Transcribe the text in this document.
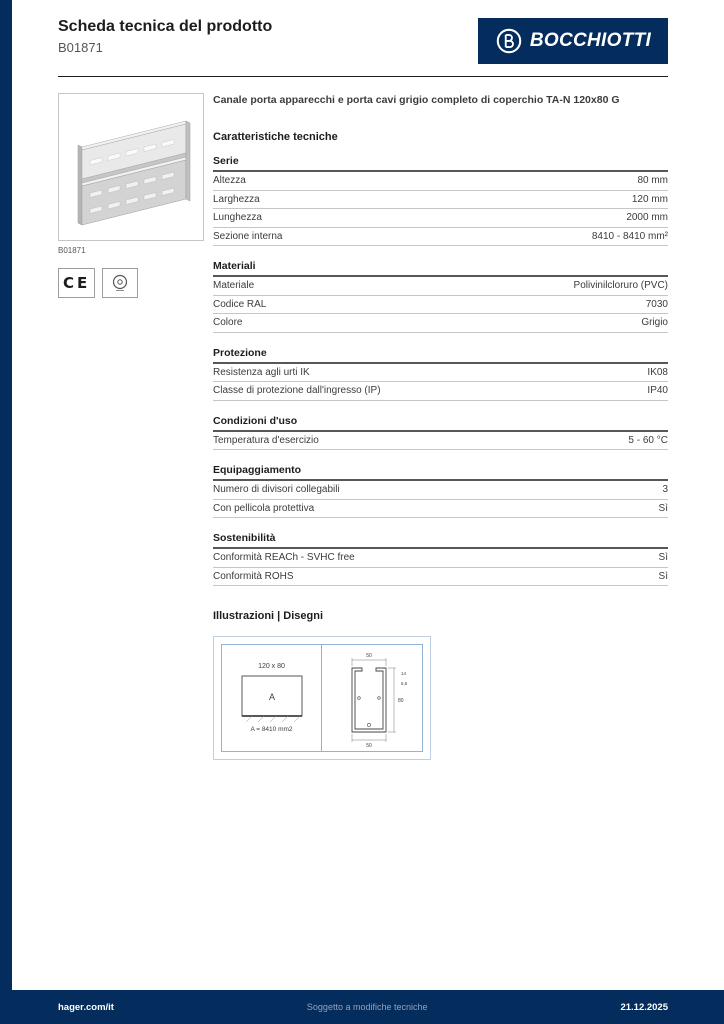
Scheda tecnica del prodotto
B01871	BOCCHIOTTI
B01871
CE

Canale porta apparecchi e porta cavi grigio completo di coperchio TA-N 120x80 G

Caratteristiche tecniche
Serie
Altezza	80 mm
Larghezza	120 mm
Lunghezza	2000 mm
Sezione interna	8410 - 8410 mm²
Materiali
Materiale	Polivinilcloruro (PVC)
Codice RAL	7030
Colore	Grigio
Protezione
Resistenza agli urti IK	IK08
Classe di protezione dall'ingresso (IP)	IP40
Condizioni d'uso
Temperatura d'esercizio	5 - 60 °C
Equipaggiamento
Numero di divisori collegabili	3
Con pellicola protettiva	Sì
Sostenibilità
Conformità REACh - SVHC free	Sì
Conformità ROHS	Sì
Illustrazioni | Disegni
120 x 80
A
A = 8410 mm2
50
80
14
6,5
50
hager.com/it	Soggetto a modifiche tecniche	21.12.2025
